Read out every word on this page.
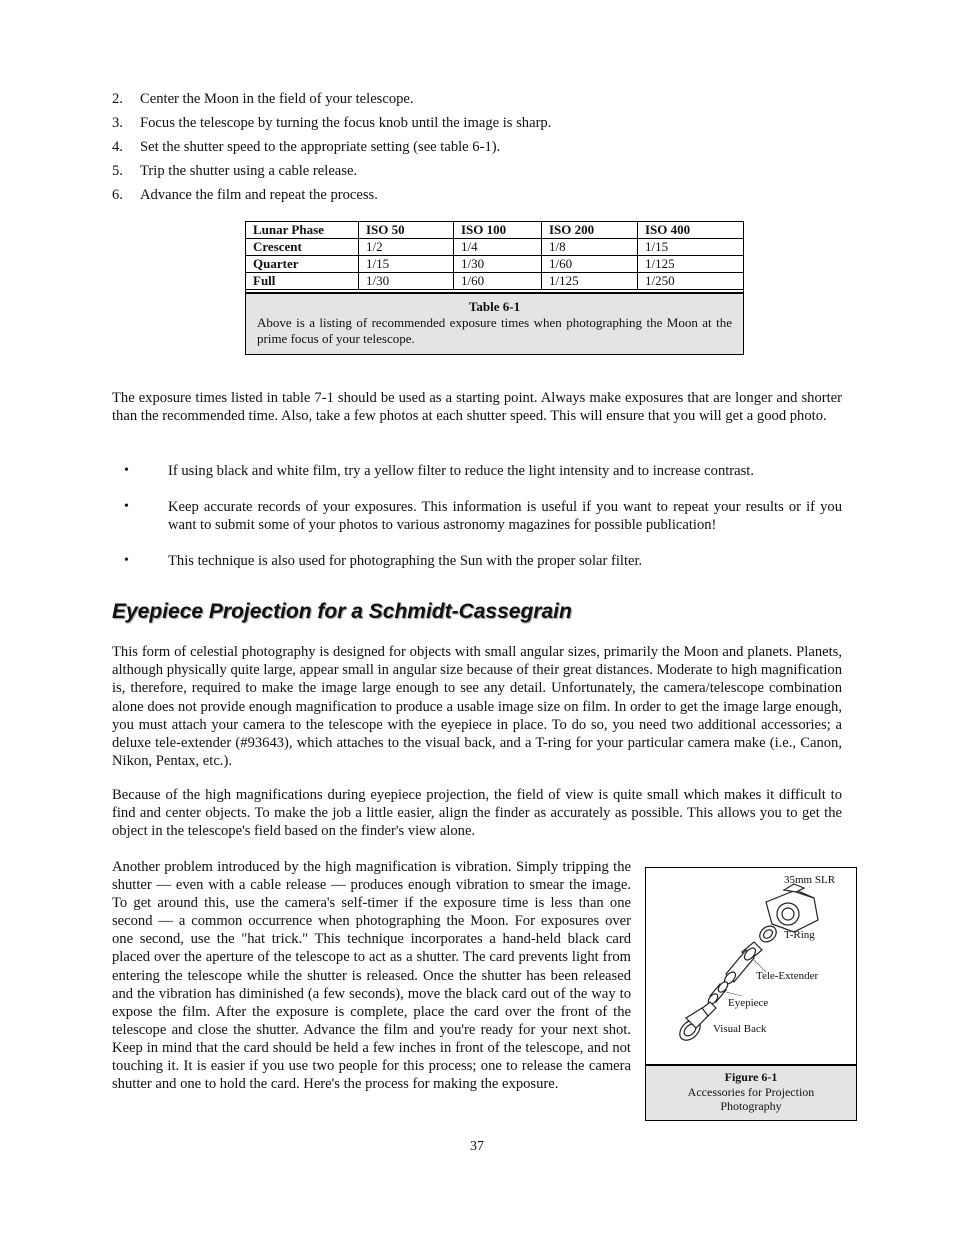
2. Center the Moon in the field of your telescope.
3. Focus the telescope by turning the focus knob until the image is sharp.
4. Set the shutter speed to the appropriate setting (see table 6-1).
5. Trip the shutter using a cable release.
6. Advance the film and repeat the process.
Lunar Phase	ISO 50	ISO 100	ISO 200	ISO 400
Crescent	1/2	1/4	1/8	1/15
Quarter	1/15	1/30	1/60	1/125
Full	1/30	1/60	1/125	1/250
Table 6-1
Above is a listing of recommended exposure times when photographing the Moon at the prime focus of your telescope.
The exposure times listed in table 7-1 should be used as a starting point. Always make exposures that are longer and shorter than the recommended time. Also, take a few photos at each shutter speed. This will ensure that you will get a good photo.
•	If using black and white film, try a yellow filter to reduce the light intensity and to increase contrast.
•	Keep accurate records of your exposures. This information is useful if you want to repeat your results or if you want to submit some of your photos to various astronomy magazines for possible publication!
•	This technique is also used for photographing the Sun with the proper solar filter.
Eyepiece Projection for a Schmidt-Cassegrain
This form of celestial photography is designed for objects with small angular sizes, primarily the Moon and planets. Planets, although physically quite large, appear small in angular size because of their great distances. Moderate to high magnification is, therefore, required to make the image large enough to see any detail. Unfortunately, the camera/telescope combination alone does not provide enough magnification to produce a usable image size on film. In order to get the image large enough, you must attach your camera to the telescope with the eyepiece in place. To do so, you need two additional accessories; a deluxe tele-extender (#93643), which attaches to the visual back, and a T-ring for your particular camera make (i.e., Canon, Nikon, Pentax, etc.).
Because of the high magnifications during eyepiece projection, the field of view is quite small which makes it difficult to find and center objects. To make the job a little easier, align the finder as accurately as possible. This allows you to get the object in the telescope's field based on the finder's view alone.
Another problem introduced by the high magnification is vibration. Simply tripping the shutter — even with a cable release — produces enough vibration to smear the image. To get around this, use the camera's self-timer if the exposure time is less than one second — a common occurrence when photographing the Moon. For exposures over one second, use the "hat trick." This technique incorporates a hand-held black card placed over the aperture of the telescope to act as a shutter. The card prevents light from entering the telescope while the shutter is released. Once the shutter has been released and the vibration has diminished (a few seconds), move the black card out of the way to expose the film. After the exposure is complete, place the card over the front of the telescope and close the shutter. Advance the film and you're ready for your next shot. Keep in mind that the card should be held a few inches in front of the telescope, and not touching it. It is easier if you use two people for this process; one to release the camera shutter and one to hold the card. Here's the process for making the exposure.
35mm SLR
T-Ring
Tele-Extender
Eyepiece
Visual Back
Figure 6-1
Accessories for Projection
Photography
37
